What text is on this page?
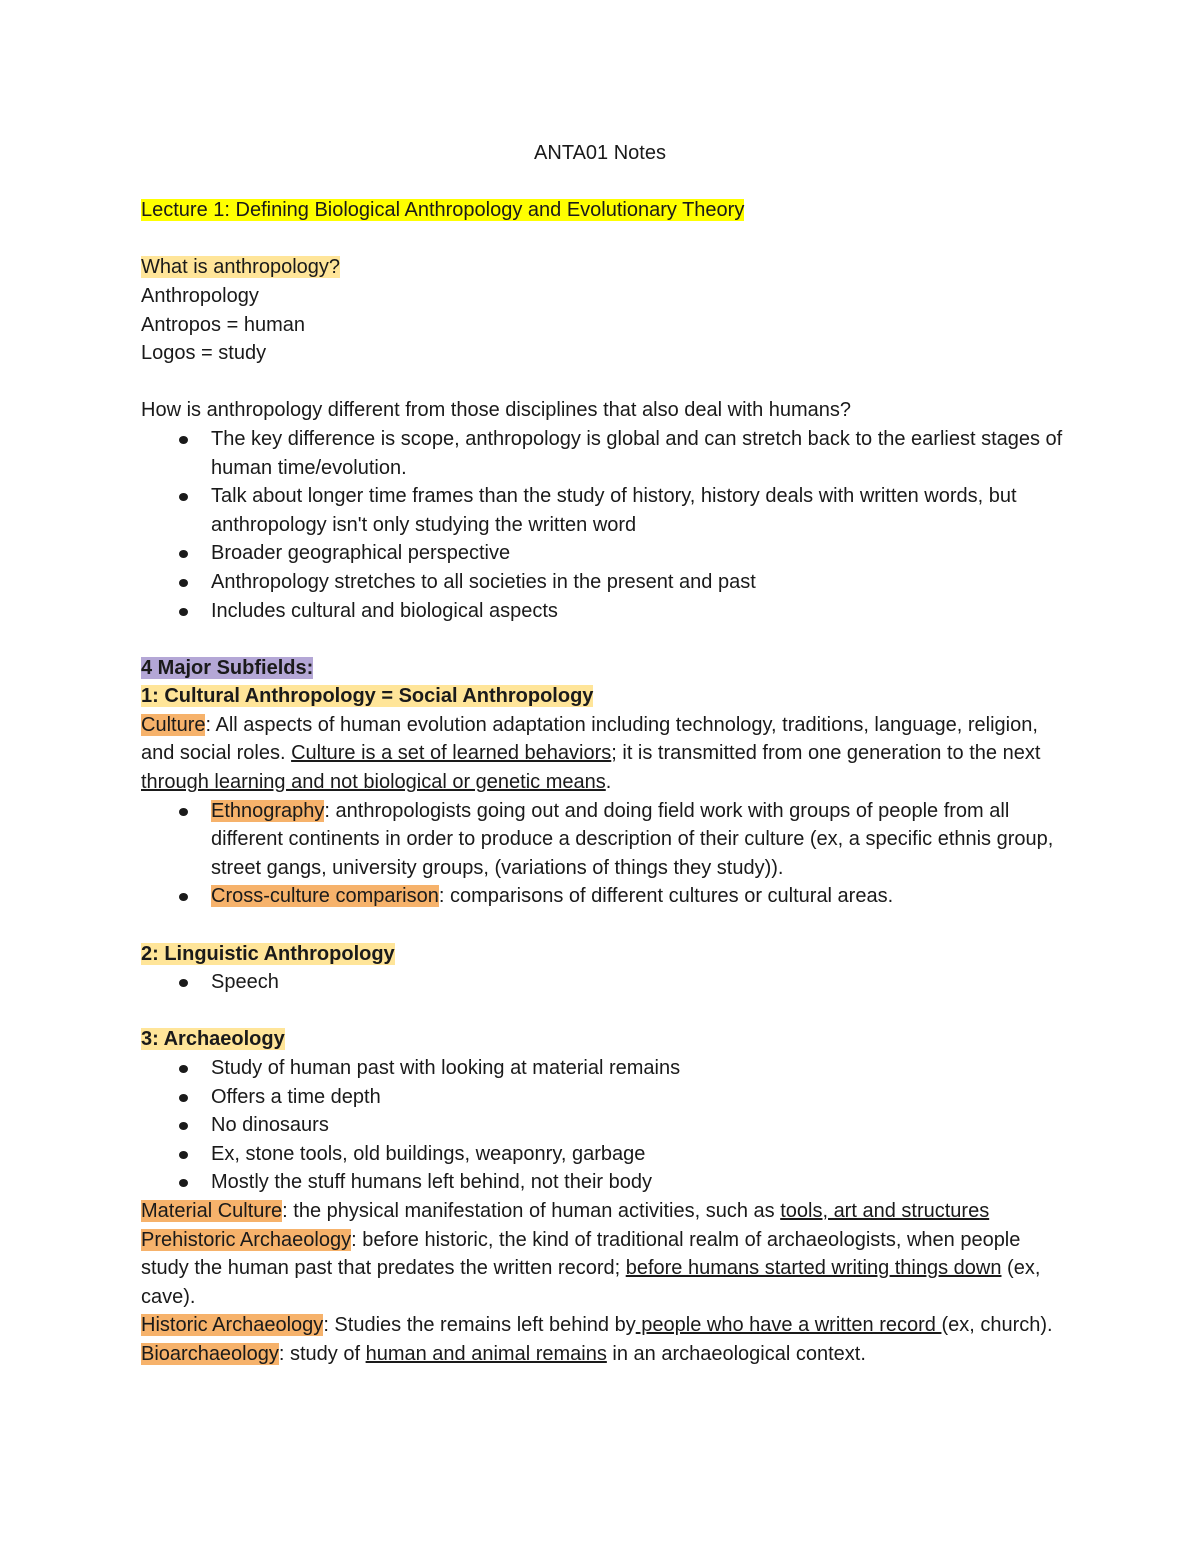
ANTA01 Notes

Lecture 1: Defining Biological Anthropology and Evolutionary Theory

What is anthropology?

Anthropology

Antropos = human

Logos = study

How is anthropology different from those disciplines that also deal with humans?

The key difference is scope, anthropology is global and can stretch back to the earliest stages of human time/evolution.
Talk about longer time frames than the study of history, history deals with written words, but anthropology isn't only studying the written word
Broader geographical perspective
Anthropology stretches to all societies in the present and past
Includes cultural and biological aspects

4 Major Subfields:

1: Cultural Anthropology = Social Anthropology

Culture: All aspects of human evolution adaptation including technology, traditions, language, religion, and social roles. Culture is a set of learned behaviors; it is transmitted from one generation to the next through learning and not biological or genetic means.

Ethnography: anthropologists going out and doing field work with groups of people from all different continents in order to produce a description of their culture (ex, a specific ethnis group, street gangs, university groups, (variations of things they study)).
Cross-culture comparison: comparisons of different cultures or cultural areas.

2: Linguistic Anthropology

Speech

3: Archaeology

Study of human past with looking at material remains
Offers a time depth
No dinosaurs
Ex, stone tools, old buildings, weaponry, garbage
Mostly the stuff humans left behind, not their body

Material Culture: the physical manifestation of human activities, such as tools, art and structures

Prehistoric Archaeology: before historic, the kind of traditional realm of archaeologists, when people study the human past that predates the written record; before humans started writing things down (ex, cave).

Historic Archaeology: Studies the remains left behind by people who have a written record (ex, church).

Bioarchaeology: study of human and animal remains in an archaeological context.
